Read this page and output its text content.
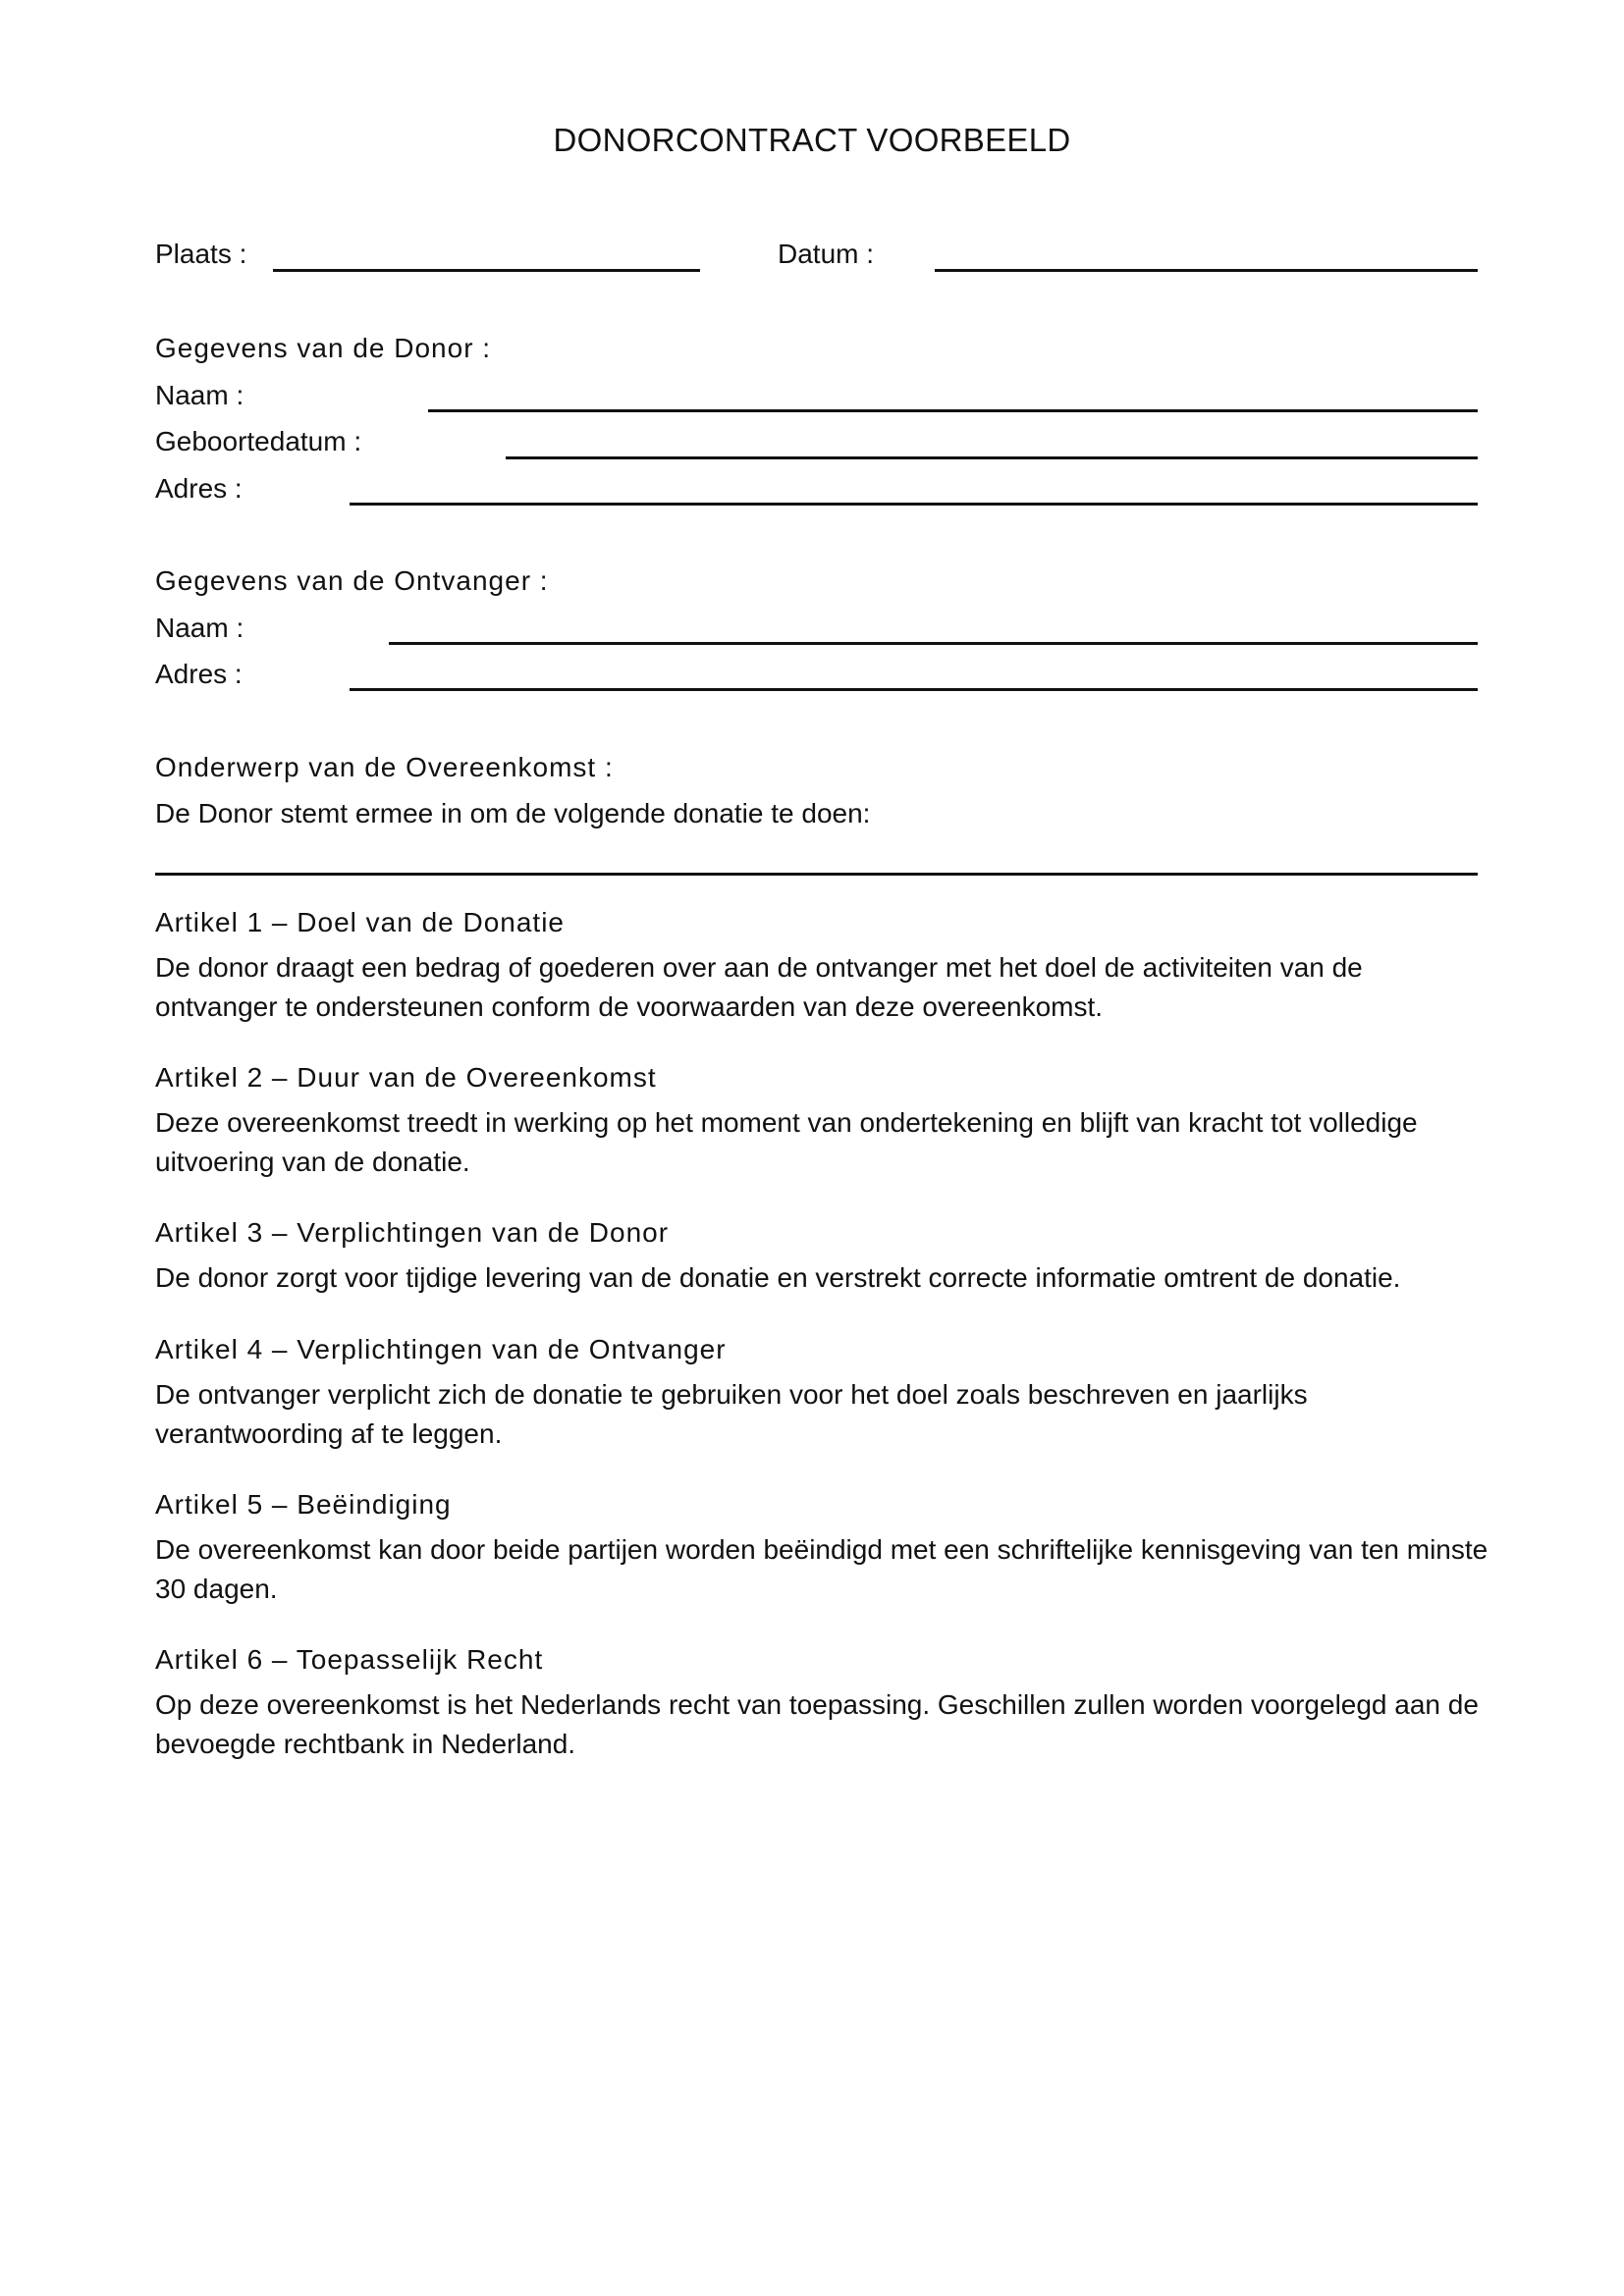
DONORCONTRACT VOORBEELD
Plaats :	Datum :
Gegevens van de Donor :
Naam :
Geboortedatum :
Adres :
Gegevens van de Ontvanger :
Naam :
Adres :
Onderwerp van de Overeenkomst :
De Donor stemt ermee in om de volgende donatie te doen:
Artikel 1 – Doel van de Donatie
De donor draagt een bedrag of goederen over aan de ontvanger met het doel de activiteiten van de ontvanger te ondersteunen conform de voorwaarden van deze overeenkomst.
Artikel 2 – Duur van de Overeenkomst
Deze overeenkomst treedt in werking op het moment van ondertekening en blijft van kracht tot volledige uitvoering van de donatie.
Artikel 3 – Verplichtingen van de Donor
De donor zorgt voor tijdige levering van de donatie en verstrekt correcte informatie omtrent de donatie.
Artikel 4 – Verplichtingen van de Ontvanger
De ontvanger verplicht zich de donatie te gebruiken voor het doel zoals beschreven en jaarlijks verantwoording af te leggen.
Artikel 5 – Beëindiging
De overeenkomst kan door beide partijen worden beëindigd met een schriftelijke kennisgeving van ten minste 30 dagen.
Artikel 6 – Toepasselijk Recht
Op deze overeenkomst is het Nederlands recht van toepassing. Geschillen zullen worden voorgelegd aan de bevoegde rechtbank in Nederland.
